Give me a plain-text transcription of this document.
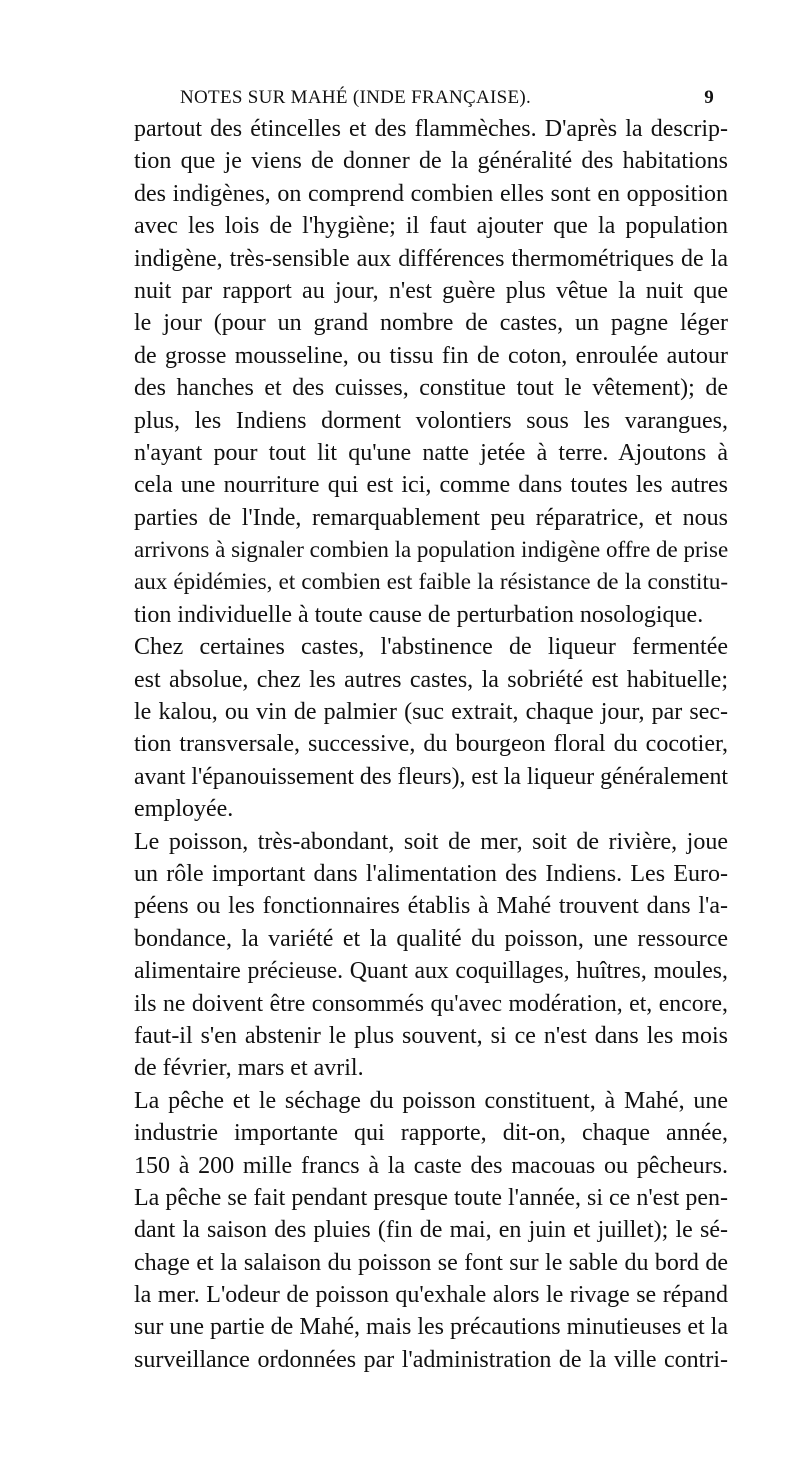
NOTES SUR MAHÉ (INDE FRANÇAISE).	9
partout des étincelles et des flammèches. D'après la descrip-
tion que je viens de donner de la généralité des habitations
des indigènes, on comprend combien elles sont en opposition
avec les lois de l'hygiène; il faut ajouter que la population
indigène, très-sensible aux différences thermométriques de la
nuit par rapport au jour, n'est guère plus vêtue la nuit que
le jour (pour un grand nombre de castes, un pagne léger
de grosse mousseline, ou tissu fin de coton, enroulée autour
des hanches et des cuisses, constitue tout le vêtement); de
plus, les Indiens dorment volontiers sous les varangues,
n'ayant pour tout lit qu'une natte jetée à terre. Ajoutons à
cela une nourriture qui est ici, comme dans toutes les autres
parties de l'Inde, remarquablement peu réparatrice, et nous
arrivons à signaler combien la population indigène offre de prise
aux épidémies, et combien est faible la résistance de la constitu-
tion individuelle à toute cause de perturbation nosologique.
Chez certaines castes, l'abstinence de liqueur fermentée
est absolue, chez les autres castes, la sobriété est habituelle;
le kalou, ou vin de palmier (suc extrait, chaque jour, par sec-
tion transversale, successive, du bourgeon floral du cocotier,
avant l'épanouissement des fleurs), est la liqueur généralement
employée.
Le poisson, très-abondant, soit de mer, soit de rivière, joue
un rôle important dans l'alimentation des Indiens. Les Euro-
péens ou les fonctionnaires établis à Mahé trouvent dans l'a-
bondance, la variété et la qualité du poisson, une ressource
alimentaire précieuse. Quant aux coquillages, huîtres, moules,
ils ne doivent être consommés qu'avec modération, et, encore,
faut-il s'en abstenir le plus souvent, si ce n'est dans les mois
de février, mars et avril.
La pêche et le séchage du poisson constituent, à Mahé, une
industrie importante qui rapporte, dit-on, chaque année,
150 à 200 mille francs à la caste des macouas ou pêcheurs.
La pêche se fait pendant presque toute l'année, si ce n'est pen-
dant la saison des pluies (fin de mai, en juin et juillet); le sé-
chage et la salaison du poisson se font sur le sable du bord de
la mer. L'odeur de poisson qu'exhale alors le rivage se répand
sur une partie de Mahé, mais les précautions minutieuses et la
surveillance ordonnées par l'administration de la ville contri-
